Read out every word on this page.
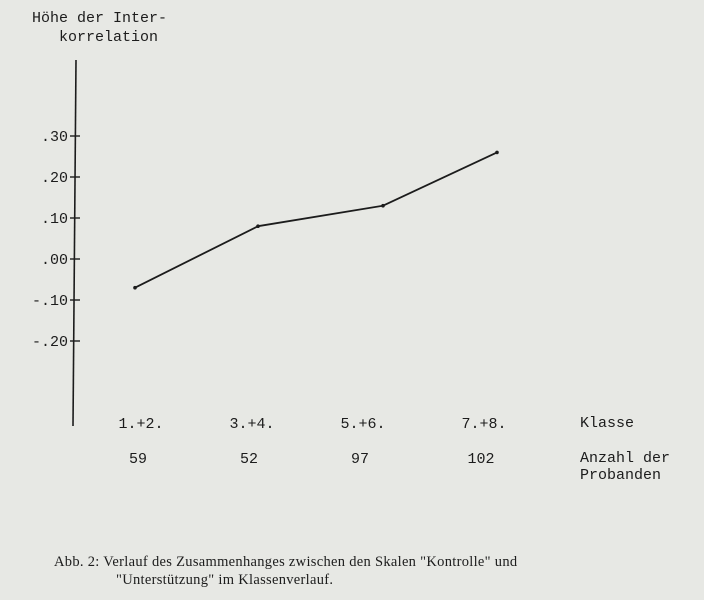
Höhe der Inter-
korrelation
.30
.20
.10
.00
-.10
-.20
1.+2.	3.+4.	5.+6.	7.+8.
59	52	97	102
Klasse
Anzahl der
Probanden
Abb. 2: Verlauf des Zusammenhanges zwischen den Skalen "Kontrolle" und
"Unterstützung" im Klassenverlauf.
